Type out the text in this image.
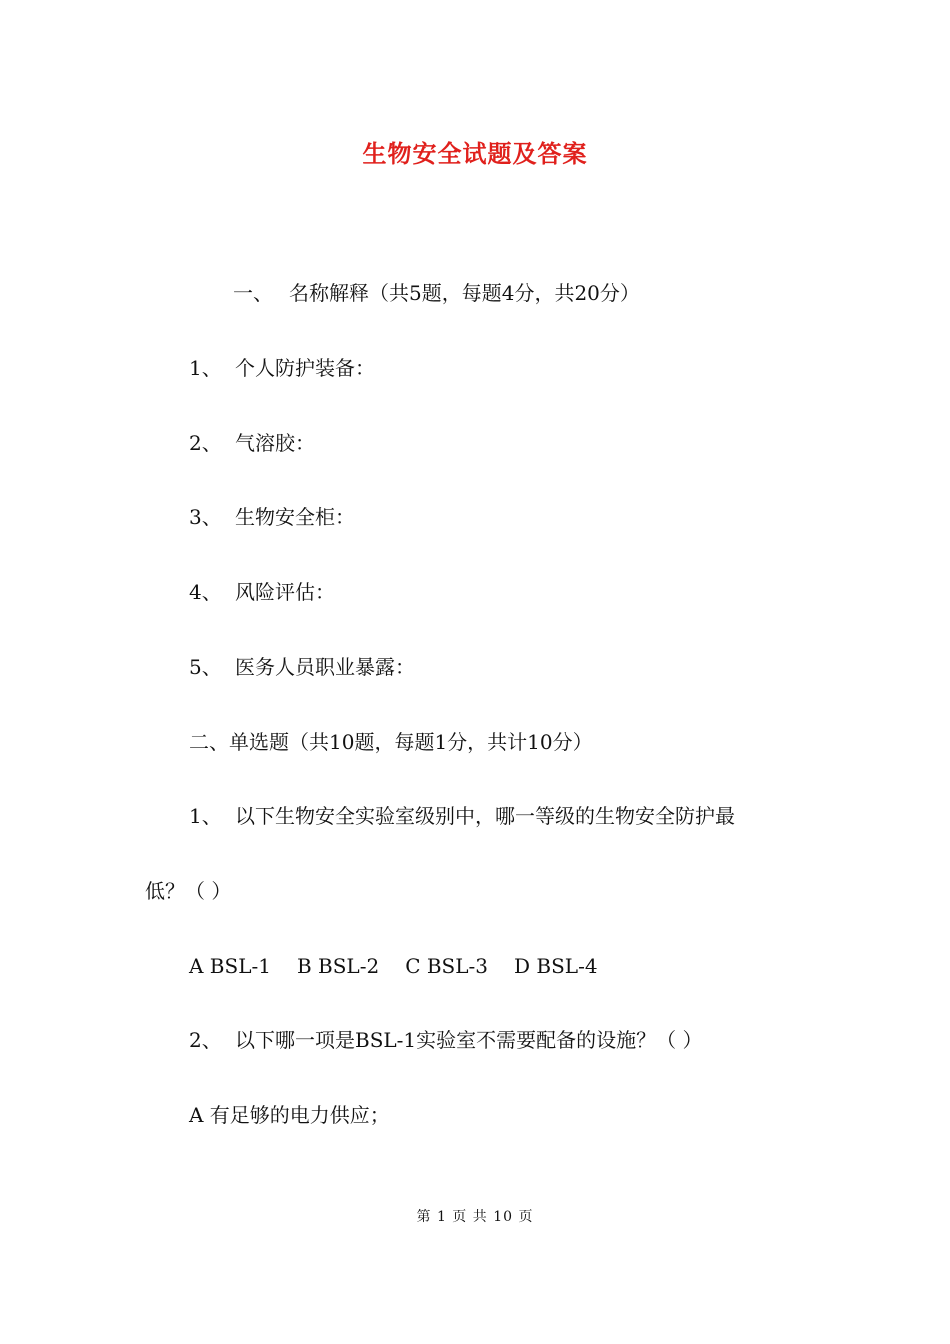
生物安全试题及答案
一、 名称解释（共5题，每题4分，共20分）
1、 个人防护装备：
2、 气溶胶：
3、 生物安全柜：
4、 风险评估：
5、 医务人员职业暴露：
二、单选题（共10题，每题1分，共计10分）
1、 以下生物安全实验室级别中，哪一等级的生物安全防护最
低？（ ）
A BSL-1 B BSL-2 C BSL-3 D BSL-4
2、 以下哪一项是BSL-1实验室不需要配备的设施？（ ）
A 有足够的电力供应；
第 1 页 共 10 页
